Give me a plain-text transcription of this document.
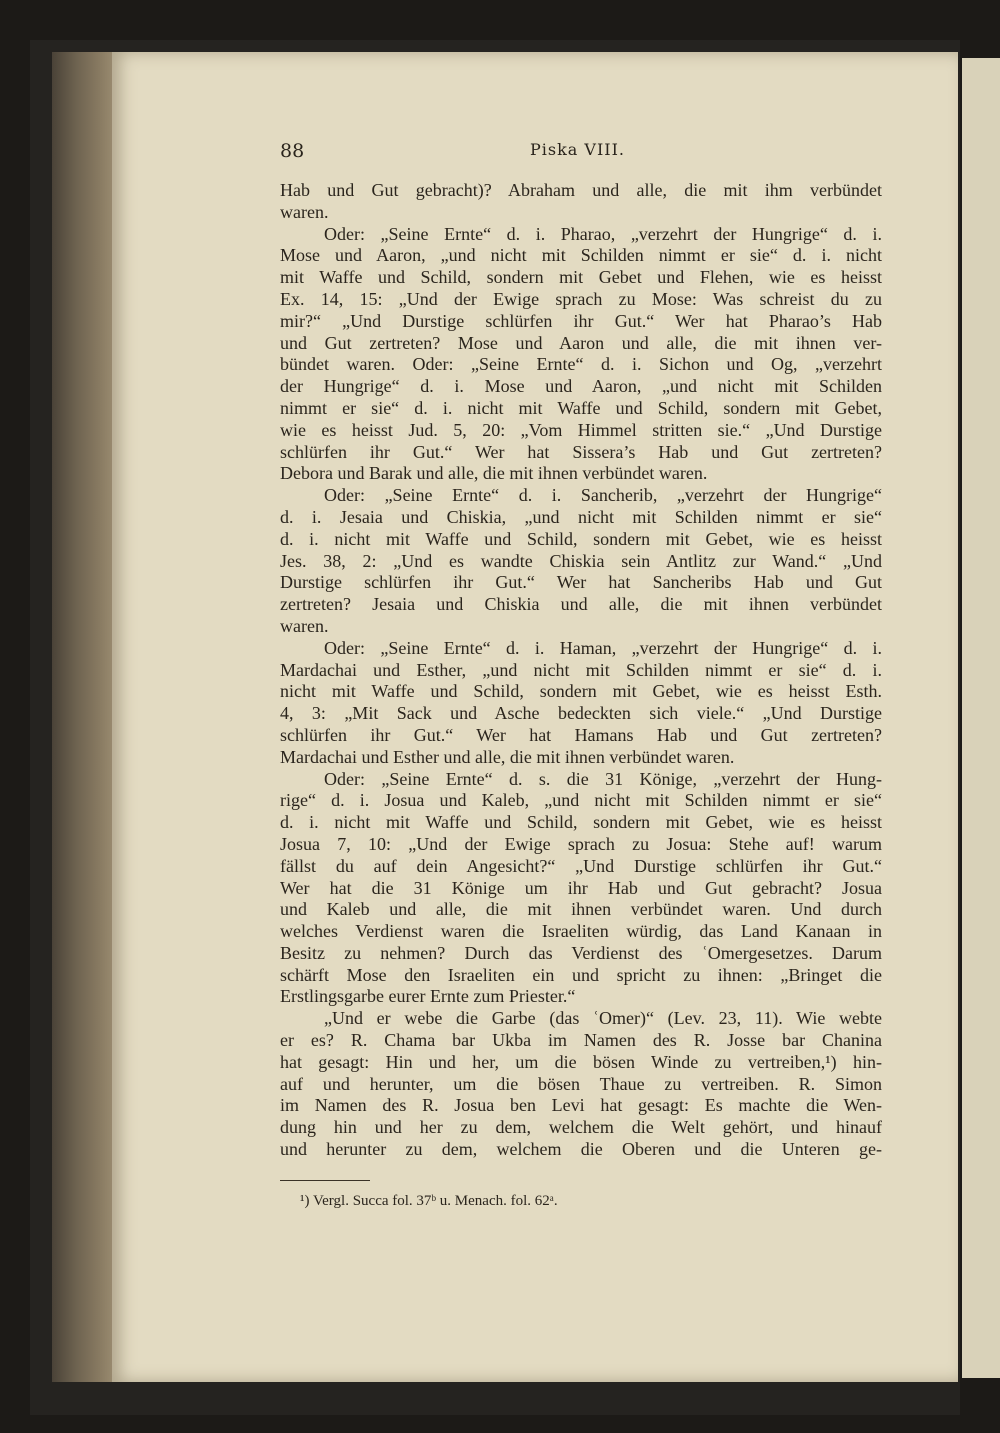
88	Piska VIII.
Hab und Gut gebracht)? Abraham und alle, die mit ihm verbündet
waren.
Oder: „Seine Ernte“ d. i. Pharao, „verzehrt der Hungrige“ d. i.
Mose und Aaron, „und nicht mit Schilden nimmt er sie“ d. i. nicht
mit Waffe und Schild, sondern mit Gebet und Flehen, wie es heisst
Ex. 14, 15: „Und der Ewige sprach zu Mose: Was schreist du zu
mir?“ „Und Durstige schlürfen ihr Gut.“ Wer hat Pharao’s Hab
und Gut zertreten? Mose und Aaron und alle, die mit ihnen ver-
bündet waren. Oder: „Seine Ernte“ d. i. Sichon und Og, „verzehrt
der Hungrige“ d. i. Mose und Aaron, „und nicht mit Schilden
nimmt er sie“ d. i. nicht mit Waffe und Schild, sondern mit Gebet,
wie es heisst Jud. 5, 20: „Vom Himmel stritten sie.“ „Und Durstige
schlürfen ihr Gut.“ Wer hat Sissera’s Hab und Gut zertreten?
Debora und Barak und alle, die mit ihnen verbündet waren.
Oder: „Seine Ernte“ d. i. Sancherib, „verzehrt der Hungrige“
d. i. Jesaia und Chiskia, „und nicht mit Schilden nimmt er sie“
d. i. nicht mit Waffe und Schild, sondern mit Gebet, wie es heisst
Jes. 38, 2: „Und es wandte Chiskia sein Antlitz zur Wand.“ „Und
Durstige schlürfen ihr Gut.“ Wer hat Sancheribs Hab und Gut
zertreten? Jesaia und Chiskia und alle, die mit ihnen verbündet
waren.
Oder: „Seine Ernte“ d. i. Haman, „verzehrt der Hungrige“ d. i.
Mardachai und Esther, „und nicht mit Schilden nimmt er sie“ d. i.
nicht mit Waffe und Schild, sondern mit Gebet, wie es heisst Esth.
4, 3: „Mit Sack und Asche bedeckten sich viele.“ „Und Durstige
schlürfen ihr Gut.“ Wer hat Hamans Hab und Gut zertreten?
Mardachai und Esther und alle, die mit ihnen verbündet waren.
Oder: „Seine Ernte“ d. s. die 31 Könige, „verzehrt der Hung-
rige“ d. i. Josua und Kaleb, „und nicht mit Schilden nimmt er sie“
d. i. nicht mit Waffe und Schild, sondern mit Gebet, wie es heisst
Josua 7, 10: „Und der Ewige sprach zu Josua: Stehe auf! warum
fällst du auf dein Angesicht?“ „Und Durstige schlürfen ihr Gut.“
Wer hat die 31 Könige um ihr Hab und Gut gebracht? Josua
und Kaleb und alle, die mit ihnen verbündet waren. Und durch
welches Verdienst waren die Israeliten würdig, das Land Kanaan in
Besitz zu nehmen? Durch das Verdienst des ʿOmergesetzes. Darum
schärft Mose den Israeliten ein und spricht zu ihnen: „Bringet die
Erstlingsgarbe eurer Ernte zum Priester.“
„Und er webe die Garbe (das ʿOmer)“ (Lev. 23, 11). Wie webte
er es? R. Chama bar Ukba im Namen des R. Josse bar Chanina
hat gesagt: Hin und her, um die bösen Winde zu vertreiben,¹) hin-
auf und herunter, um die bösen Thaue zu vertreiben. R. Simon
im Namen des R. Josua ben Levi hat gesagt: Es machte die Wen-
dung hin und her zu dem, welchem die Welt gehört, und hinauf
und herunter zu dem, welchem die Oberen und die Unteren ge-
¹) Vergl. Succa fol. 37ᵇ u. Menach. fol. 62ᵃ.
